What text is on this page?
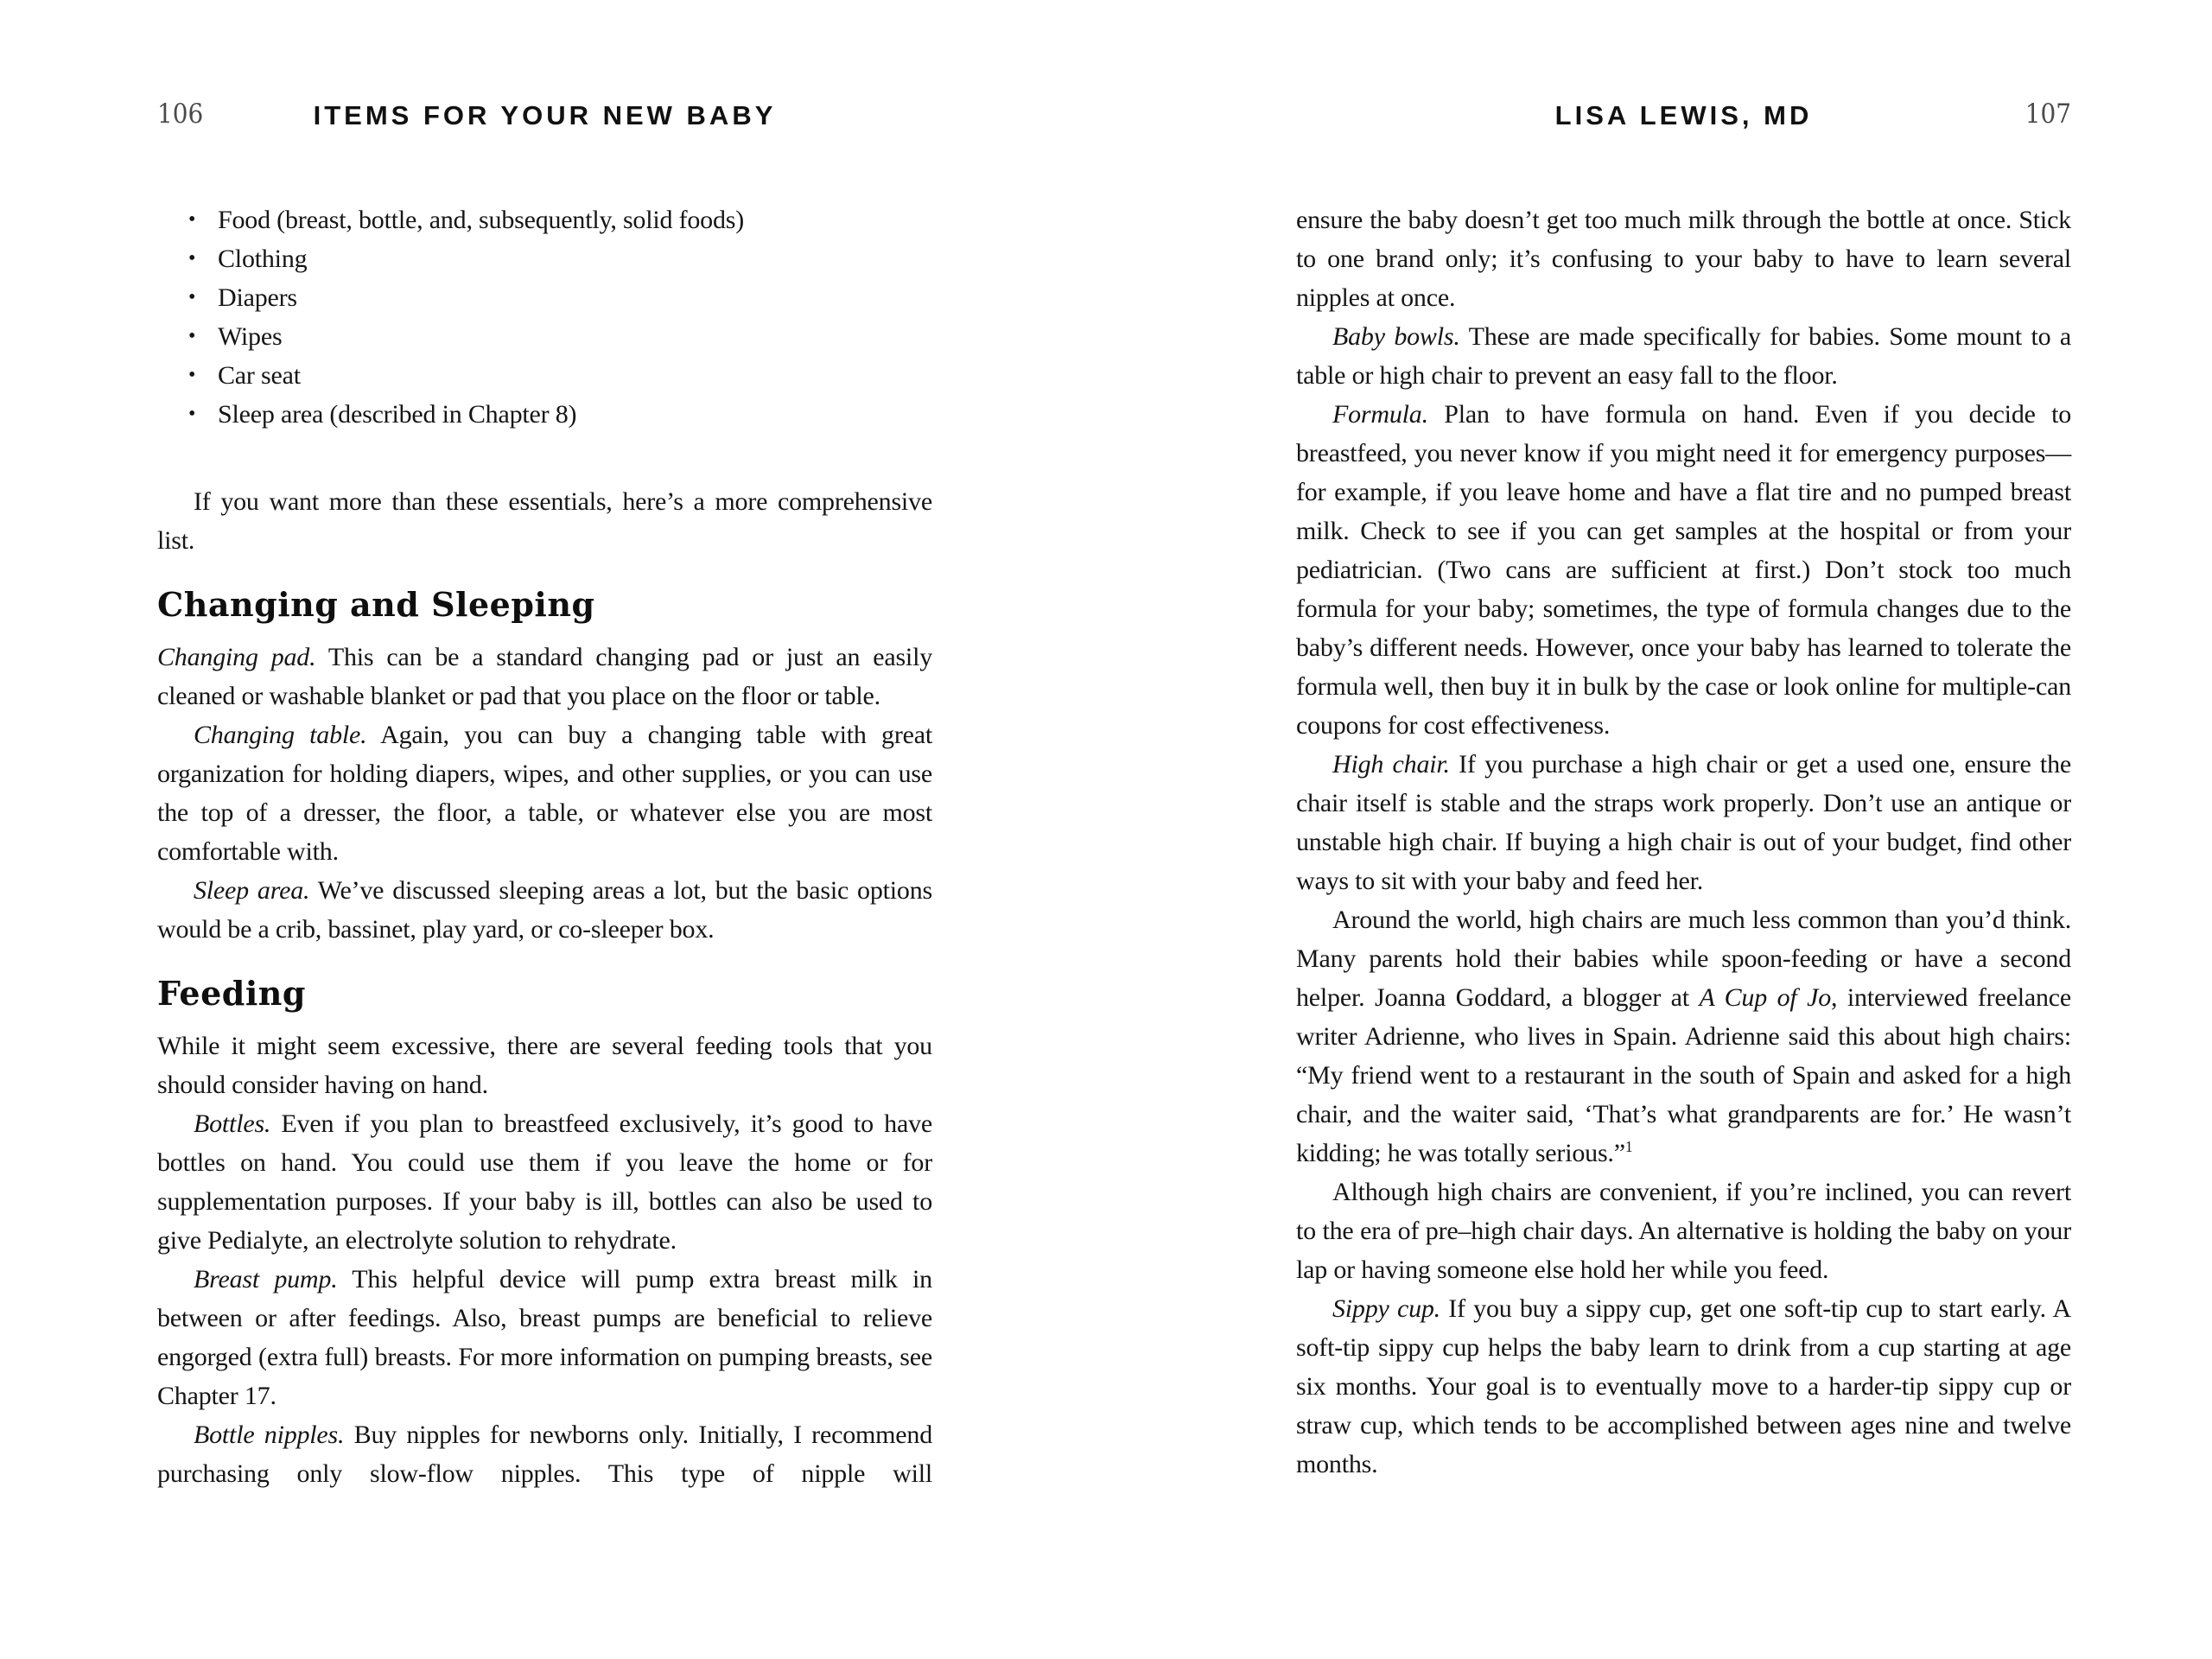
106	ITEMS FOR YOUR NEW BABY
• Food (breast, bottle, and, subsequently, solid foods)
• Clothing
• Diapers
• Wipes
• Car seat
• Sleep area (described in Chapter 8)

If you want more than these essentials, here’s a more comprehensive list.

Changing and Sleeping

Changing pad. This can be a standard changing pad or just an easily cleaned or washable blanket or pad that you place on the floor or table.

Changing table. Again, you can buy a changing table with great organization for holding diapers, wipes, and other supplies, or you can use the top of a dresser, the floor, a table, or whatever else you are most comfortable with.

Sleep area. We’ve discussed sleeping areas a lot, but the basic options would be a crib, bassinet, play yard, or co-sleeper box.

Feeding

While it might seem excessive, there are several feeding tools that you should consider having on hand.

Bottles. Even if you plan to breastfeed exclusively, it’s good to have bottles on hand. You could use them if you leave the home or for supplementation purposes. If your baby is ill, bottles can also be used to give Pedialyte, an electrolyte solution to rehydrate.

Breast pump. This helpful device will pump extra breast milk in between or after feedings. Also, breast pumps are beneficial to relieve engorged (extra full) breasts. For more information on pumping breasts, see Chapter 17.

Bottle nipples. Buy nipples for newborns only. Initially, I recommend purchasing only slow-flow nipples. This type of nipple will

LISA LEWIS, MD	107

ensure the baby doesn’t get too much milk through the bottle at once. Stick to one brand only; it’s confusing to your baby to have to learn several nipples at once.

Baby bowls. These are made specifically for babies. Some mount to a table or high chair to prevent an easy fall to the floor.

Formula. Plan to have formula on hand. Even if you decide to breastfeed, you never know if you might need it for emergency purposes—for example, if you leave home and have a flat tire and no pumped breast milk. Check to see if you can get samples at the hospital or from your pediatrician. (Two cans are sufficient at first.) Don’t stock too much formula for your baby; sometimes, the type of formula changes due to the baby’s different needs. However, once your baby has learned to tolerate the formula well, then buy it in bulk by the case or look online for multiple-can coupons for cost effectiveness.

High chair. If you purchase a high chair or get a used one, ensure the chair itself is stable and the straps work properly. Don’t use an antique or unstable high chair. If buying a high chair is out of your budget, find other ways to sit with your baby and feed her.

Around the world, high chairs are much less common than you’d think. Many parents hold their babies while spoon-feeding or have a second helper. Joanna Goddard, a blogger at A Cup of Jo, interviewed freelance writer Adrienne, who lives in Spain. Adrienne said this about high chairs: “My friend went to a restaurant in the south of Spain and asked for a high chair, and the waiter said, ‘That’s what grandparents are for.’ He wasn’t kidding; he was totally serious.”$^1$

Although high chairs are convenient, if you’re inclined, you can revert to the era of pre–high chair days. An alternative is holding the baby on your lap or having someone else hold her while you feed.

Sippy cup. If you buy a sippy cup, get one soft-tip cup to start early. A soft-tip sippy cup helps the baby learn to drink from a cup starting at age six months. Your goal is to eventually move to a harder-tip sippy cup or straw cup, which tends to be accomplished between ages nine and twelve months.
